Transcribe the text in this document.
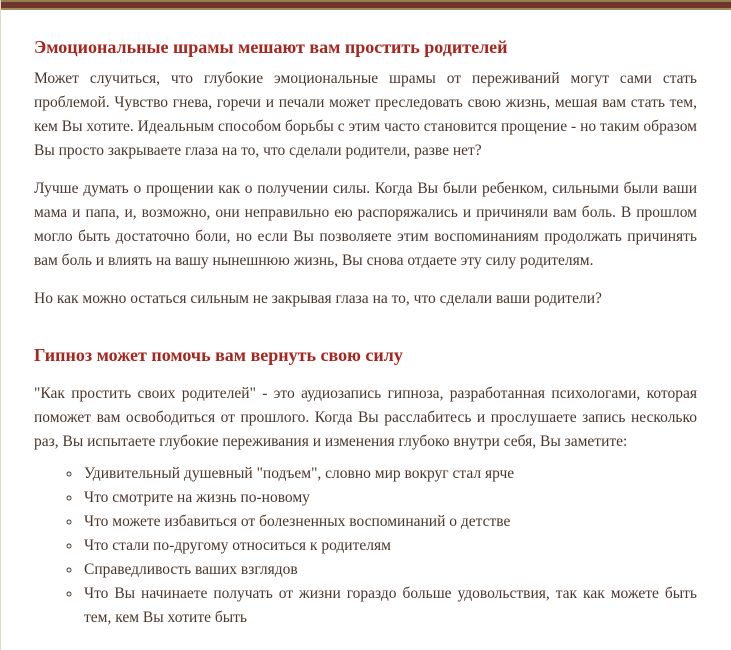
Эмоциональные шрамы мешают вам простить родителей

Может случиться, что глубокие эмоциональные шрамы от переживаний могут сами стать проблемой. Чувство гнева, горечи и печали может преследовать свою жизнь, мешая вам стать тем, кем Вы хотите. Идеальным способом борьбы с этим часто становится прощение - но таким образом Вы просто закрываете глаза на то, что сделали родители, разве нет?

Лучше думать о прощении как о получении силы. Когда Вы были ребенком, сильными были ваши мама и папа, и, возможно, они неправильно ею распоряжались и причиняли вам боль. В прошлом могло быть достаточно боли, но если Вы позволяете этим воспоминаниям продолжать причинять вам боль и влиять на вашу нынешнюю жизнь, Вы снова отдаете эту силу родителям.

Но как можно остаться сильным не закрывая глаза на то, что сделали ваши родители?

Гипноз может помочь вам вернуть свою силу

"Как простить своих родителей" - это аудиозапись гипноза, разработанная психологами, которая поможет вам освободиться от прошлого. Когда Вы расслабитесь и прослушаете запись несколько раз, Вы испытаете глубокие переживания и изменения глубоко внутри себя, Вы заметите:

◦ Удивительный душевный "подъем", словно мир вокруг стал ярче
◦ Что смотрите на жизнь по-новому
◦ Что можете избавиться от болезненных воспоминаний о детстве
◦ Что стали по-другому относиться к родителям
◦ Справедливость ваших взглядов
◦ Что Вы начинаете получать от жизни гораздо больше удовольствия, так как можете быть тем, кем Вы хотите быть
